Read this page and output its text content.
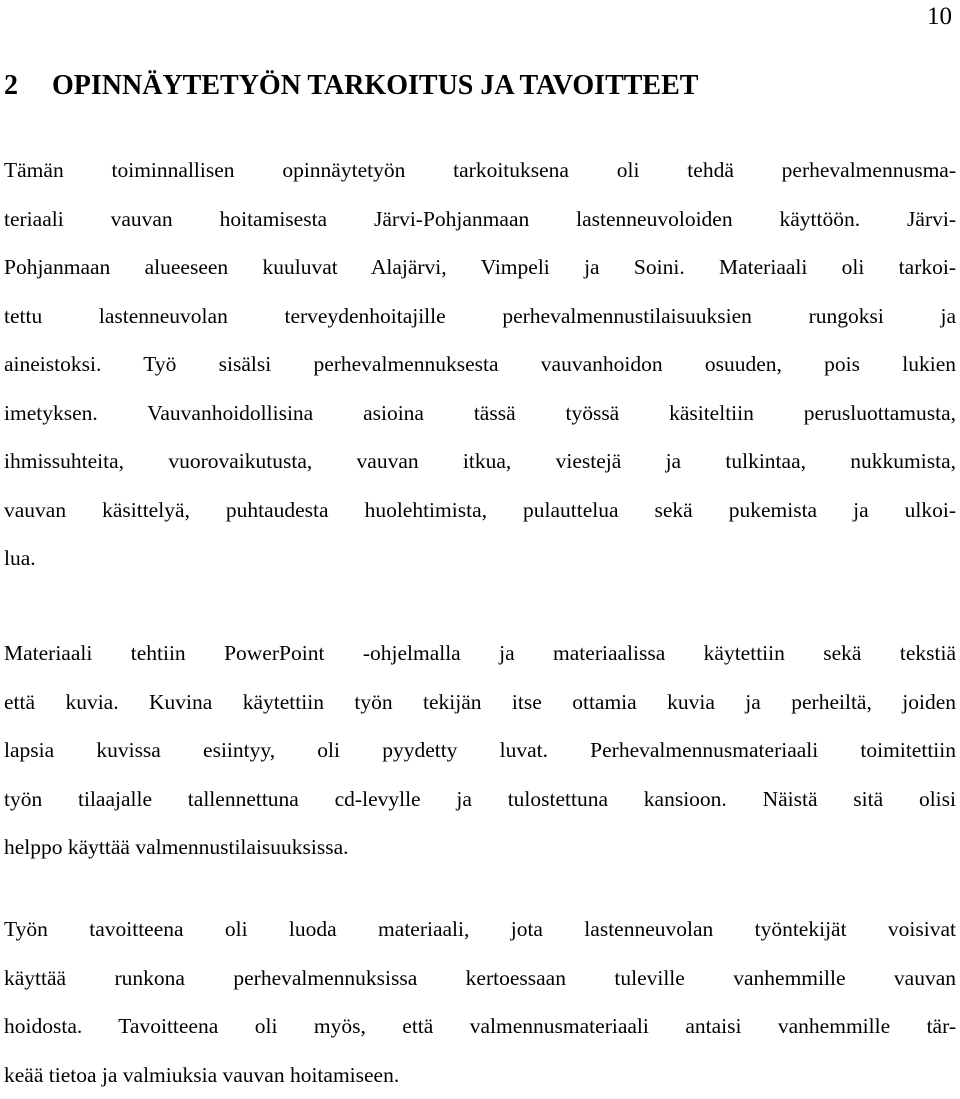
10
2 OPINNÄYTETYÖN TARKOITUS JA TAVOITTEET
Tämän toiminnallisen opinnäytetyön tarkoituksena oli tehdä perhevalmennusma-
teriaali vauvan hoitamisesta Järvi-Pohjanmaan lastenneuvoloiden käyttöön. Järvi-
Pohjanmaan alueeseen kuuluvat Alajärvi, Vimpeli ja Soini. Materiaali oli tarkoi-
tettu lastenneuvolan terveydenhoitajille perhevalmennustilaisuuksien rungoksi ja
aineistoksi. Työ sisälsi perhevalmennuksesta vauvanhoidon osuuden, pois lukien
imetyksen. Vauvanhoidollisina asioina tässä työssä käsiteltiin perusluottamusta,
ihmissuhteita, vuorovaikutusta, vauvan itkua, viestejä ja tulkintaa, nukkumista,
vauvan käsittelyä, puhtaudesta huolehtimista, pulauttelua sekä pukemista ja ulkoi-
lua.
Materiaali tehtiin PowerPoint -ohjelmalla ja materiaalissa käytettiin sekä tekstiä
että kuvia. Kuvina käytettiin työn tekijän itse ottamia kuvia ja perheiltä, joiden
lapsia kuvissa esiintyy, oli pyydetty luvat. Perhevalmennusmateriaali toimitettiin
työn tilaajalle tallennettuna cd-levylle ja tulostettuna kansioon. Näistä sitä olisi
helppo käyttää valmennustilaisuuksissa.
Työn tavoitteena oli luoda materiaali, jota lastenneuvolan työntekijät voisivat
käyttää runkona perhevalmennuksissa kertoessaan tuleville vanhemmille vauvan
hoidosta. Tavoitteena oli myös, että valmennusmateriaali antaisi vanhemmille tär-
keää tietoa ja valmiuksia vauvan hoitamiseen.
